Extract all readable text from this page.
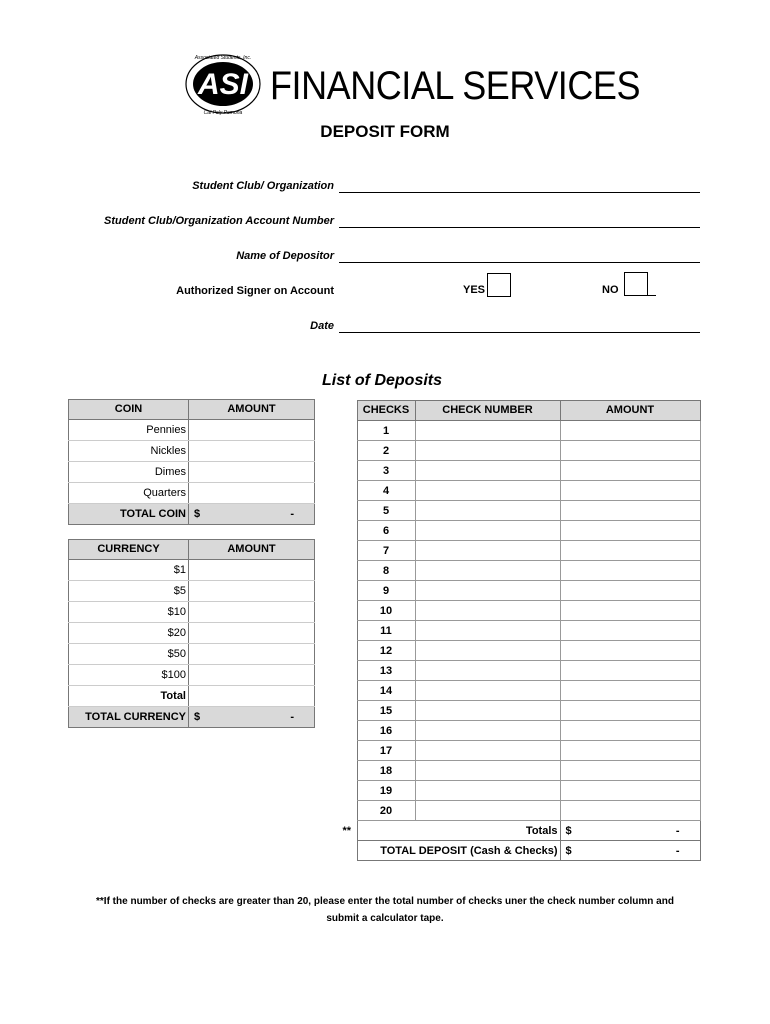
ASI
Associated Students, Inc.
Cal Poly Pomona
FINANCIAL SERVICES
DEPOSIT FORM
Student Club/ Organization
Student Club/Organization Account Number
Name of Depositor
Authorized Signer on Account	YES	NO
Date
List of Deposits
COIN	AMOUNT
Pennies	
Nickles	
Dimes	
Quarters	
TOTAL COIN	$ -
CURRENCY	AMOUNT
$1	
$5	
$10	
$20	
$50	
$100	
Total	
TOTAL CURRENCY	$ -
	CHECKS	CHECK NUMBER	AMOUNT
	1		
	2		
	3		
	4		
	5		
	6		
	7		
	8		
	9		
	10		
	11		
	12		
	13		
	14		
	15		
	16		
	17		
	18		
	19		
	20		
**	Totals		$ -

	TOTAL DEPOSIT (Cash & Checks)		$ -
**If the number of checks are greater than 20, please enter the total number of checks uner the check number column and
submit a calculator tape.
